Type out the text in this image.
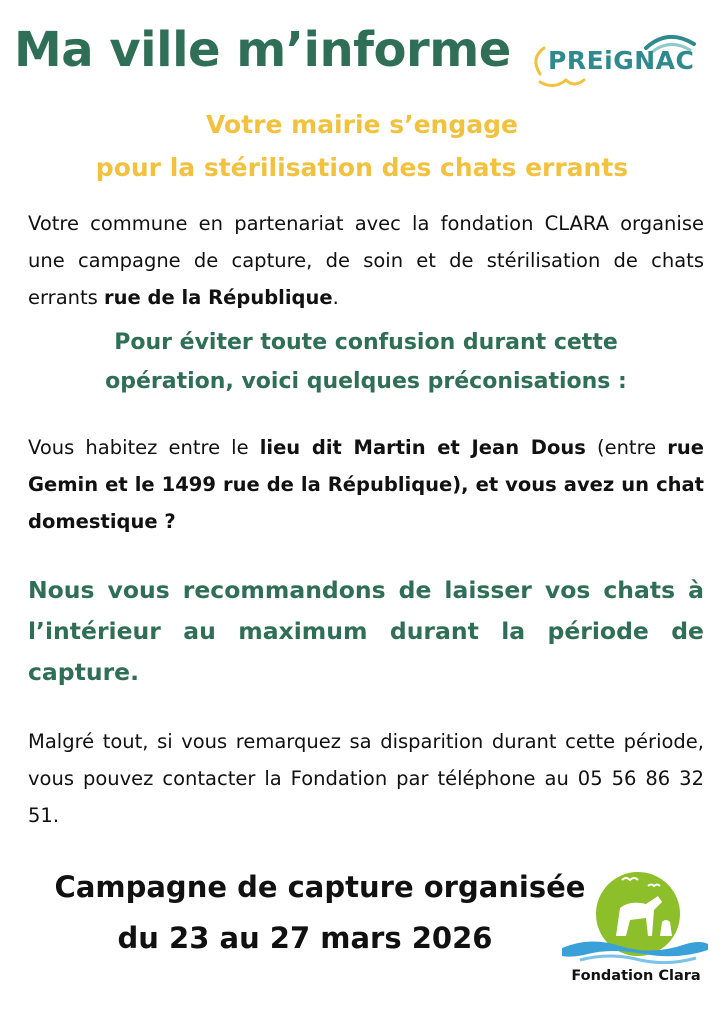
Ma ville m’informe PREiGNAC

Votre mairie s’engage

pour la stérilisation des chats errants

Votre commune en partenariat avec la fondation CLARA organise une campagne de capture, de soin et de stérilisation de chats errants rue de la République.

Pour éviter toute confusion durant cette
opération, voici quelques préconisations :

Vous habitez entre le lieu dit Martin et Jean Dous (entre rue Gemin et le 1499 rue de la République), et vous avez un chat domestique ?

Nous vous recommandons de laisser vos chats à l’intérieur au maximum durant la période de capture.

Malgré tout, si vous remarquez sa disparition durant cette période, vous pouvez contacter la Fondation par téléphone au 05 56 86 32 51.

Campagne de capture organisée

du 23 au 27 mars 2026

Fondation Clara
